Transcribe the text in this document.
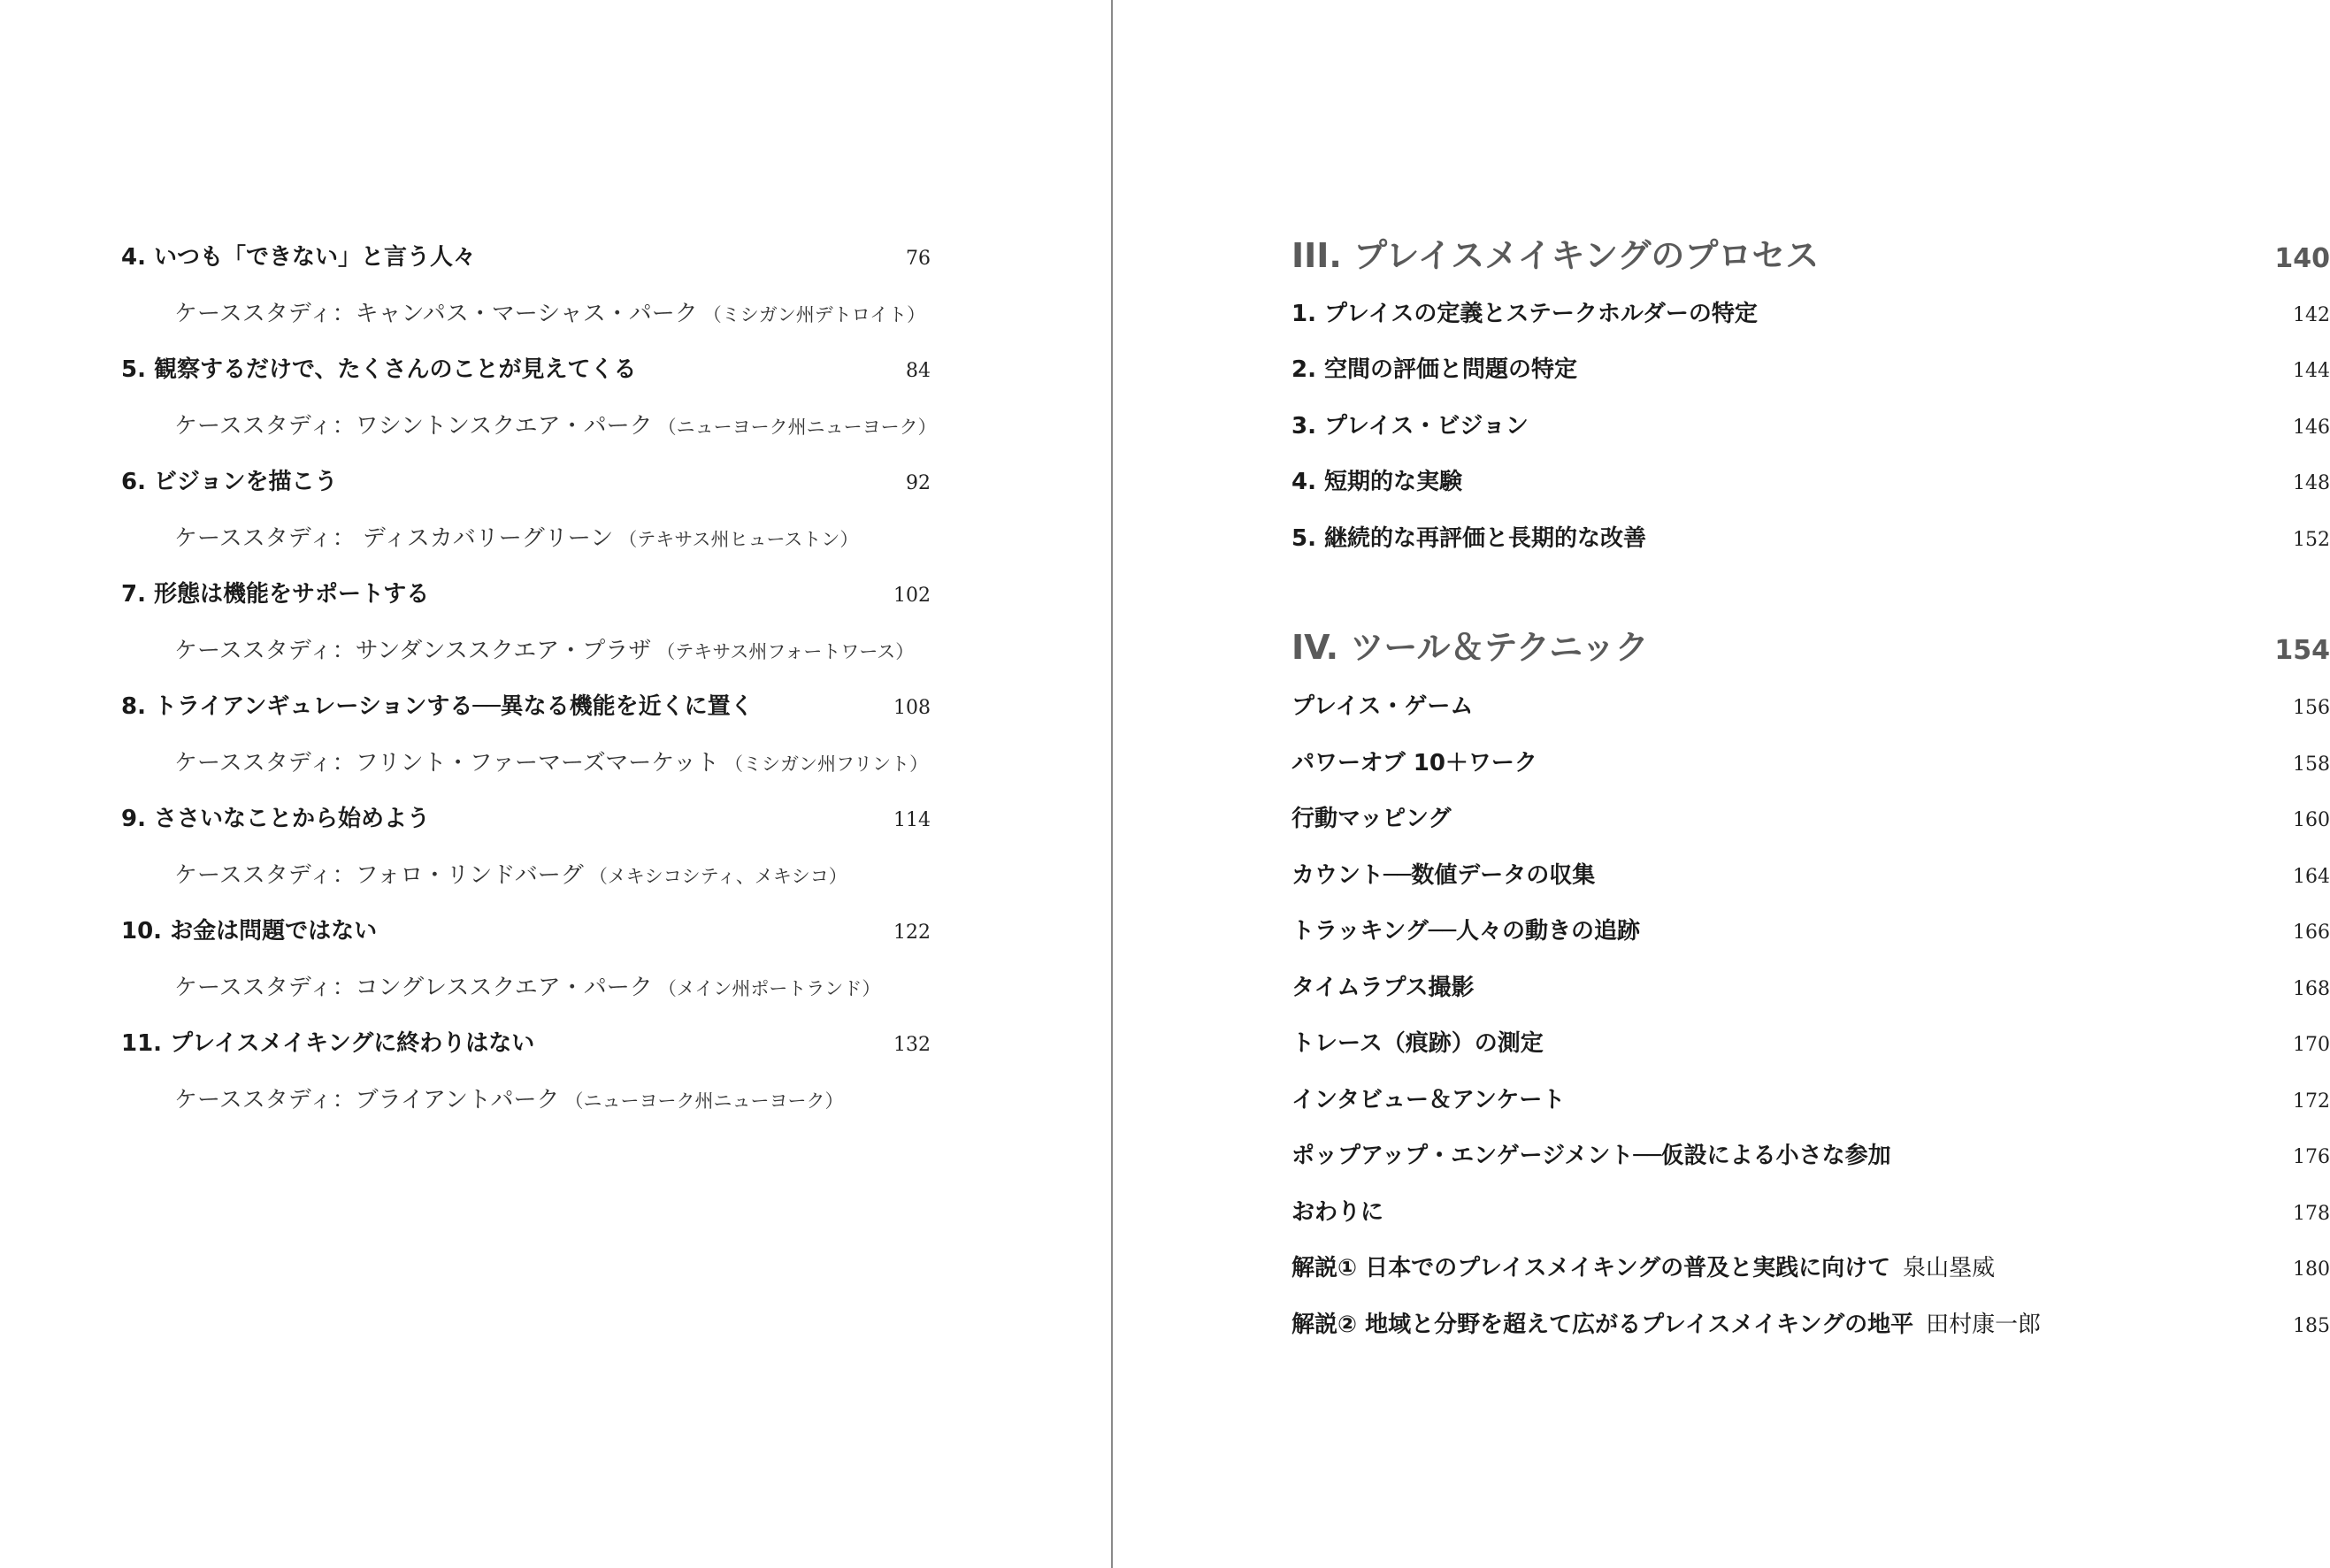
4. いつも「できない」と言う人々	76
ケーススタディ：キャンパス・マーシャス・パーク （ミシガン州デトロイト）
5. 観察するだけで、たくさんのことが見えてくる	84
ケーススタディ：ワシントンスクエア・パーク （ニューヨーク州ニューヨーク）
6. ビジョンを描こう	92
ケーススタディ： ディスカバリーグリーン （テキサス州ヒューストン）
7. 形態は機能をサポートする	102
ケーススタディ：サンダンススクエア・プラザ （テキサス州フォートワース）
8. トライアンギュレーションする──異なる機能を近くに置く	108
ケーススタディ：フリント・ファーマーズマーケット （ミシガン州フリント）
9. ささいなことから始めよう	114
ケーススタディ：フォロ・リンドバーグ （メキシコシティ、メキシコ）
10. お金は問題ではない	122
ケーススタディ：コングレススクエア・パーク （メイン州ポートランド）
11. プレイスメイキングに終わりはない	132
ケーススタディ：ブライアントパーク （ニューヨーク州ニューヨーク）
III. プレイスメイキングのプロセス	140
1. プレイスの定義とステークホルダーの特定	142
2. 空間の評価と問題の特定	144
3. プレイス・ビジョン	146
4. 短期的な実験	148
5. 継続的な再評価と長期的な改善	152
IV. ツール＆テクニック	154
プレイス・ゲーム	156
パワーオブ 10＋ワーク	158
行動マッピング	160
カウント──数値データの収集	164
トラッキング──人々の動きの追跡	166
タイムラプス撮影	168
トレース（痕跡）の測定	170
インタビュー＆アンケート	172
ポップアップ・エンゲージメント──仮設による小さな参加	176
おわりに	178
解説① 日本でのプレイスメイキングの普及と実践に向けて 泉山塁威	180
解説② 地域と分野を超えて広がるプレイスメイキングの地平 田村康一郎	185
